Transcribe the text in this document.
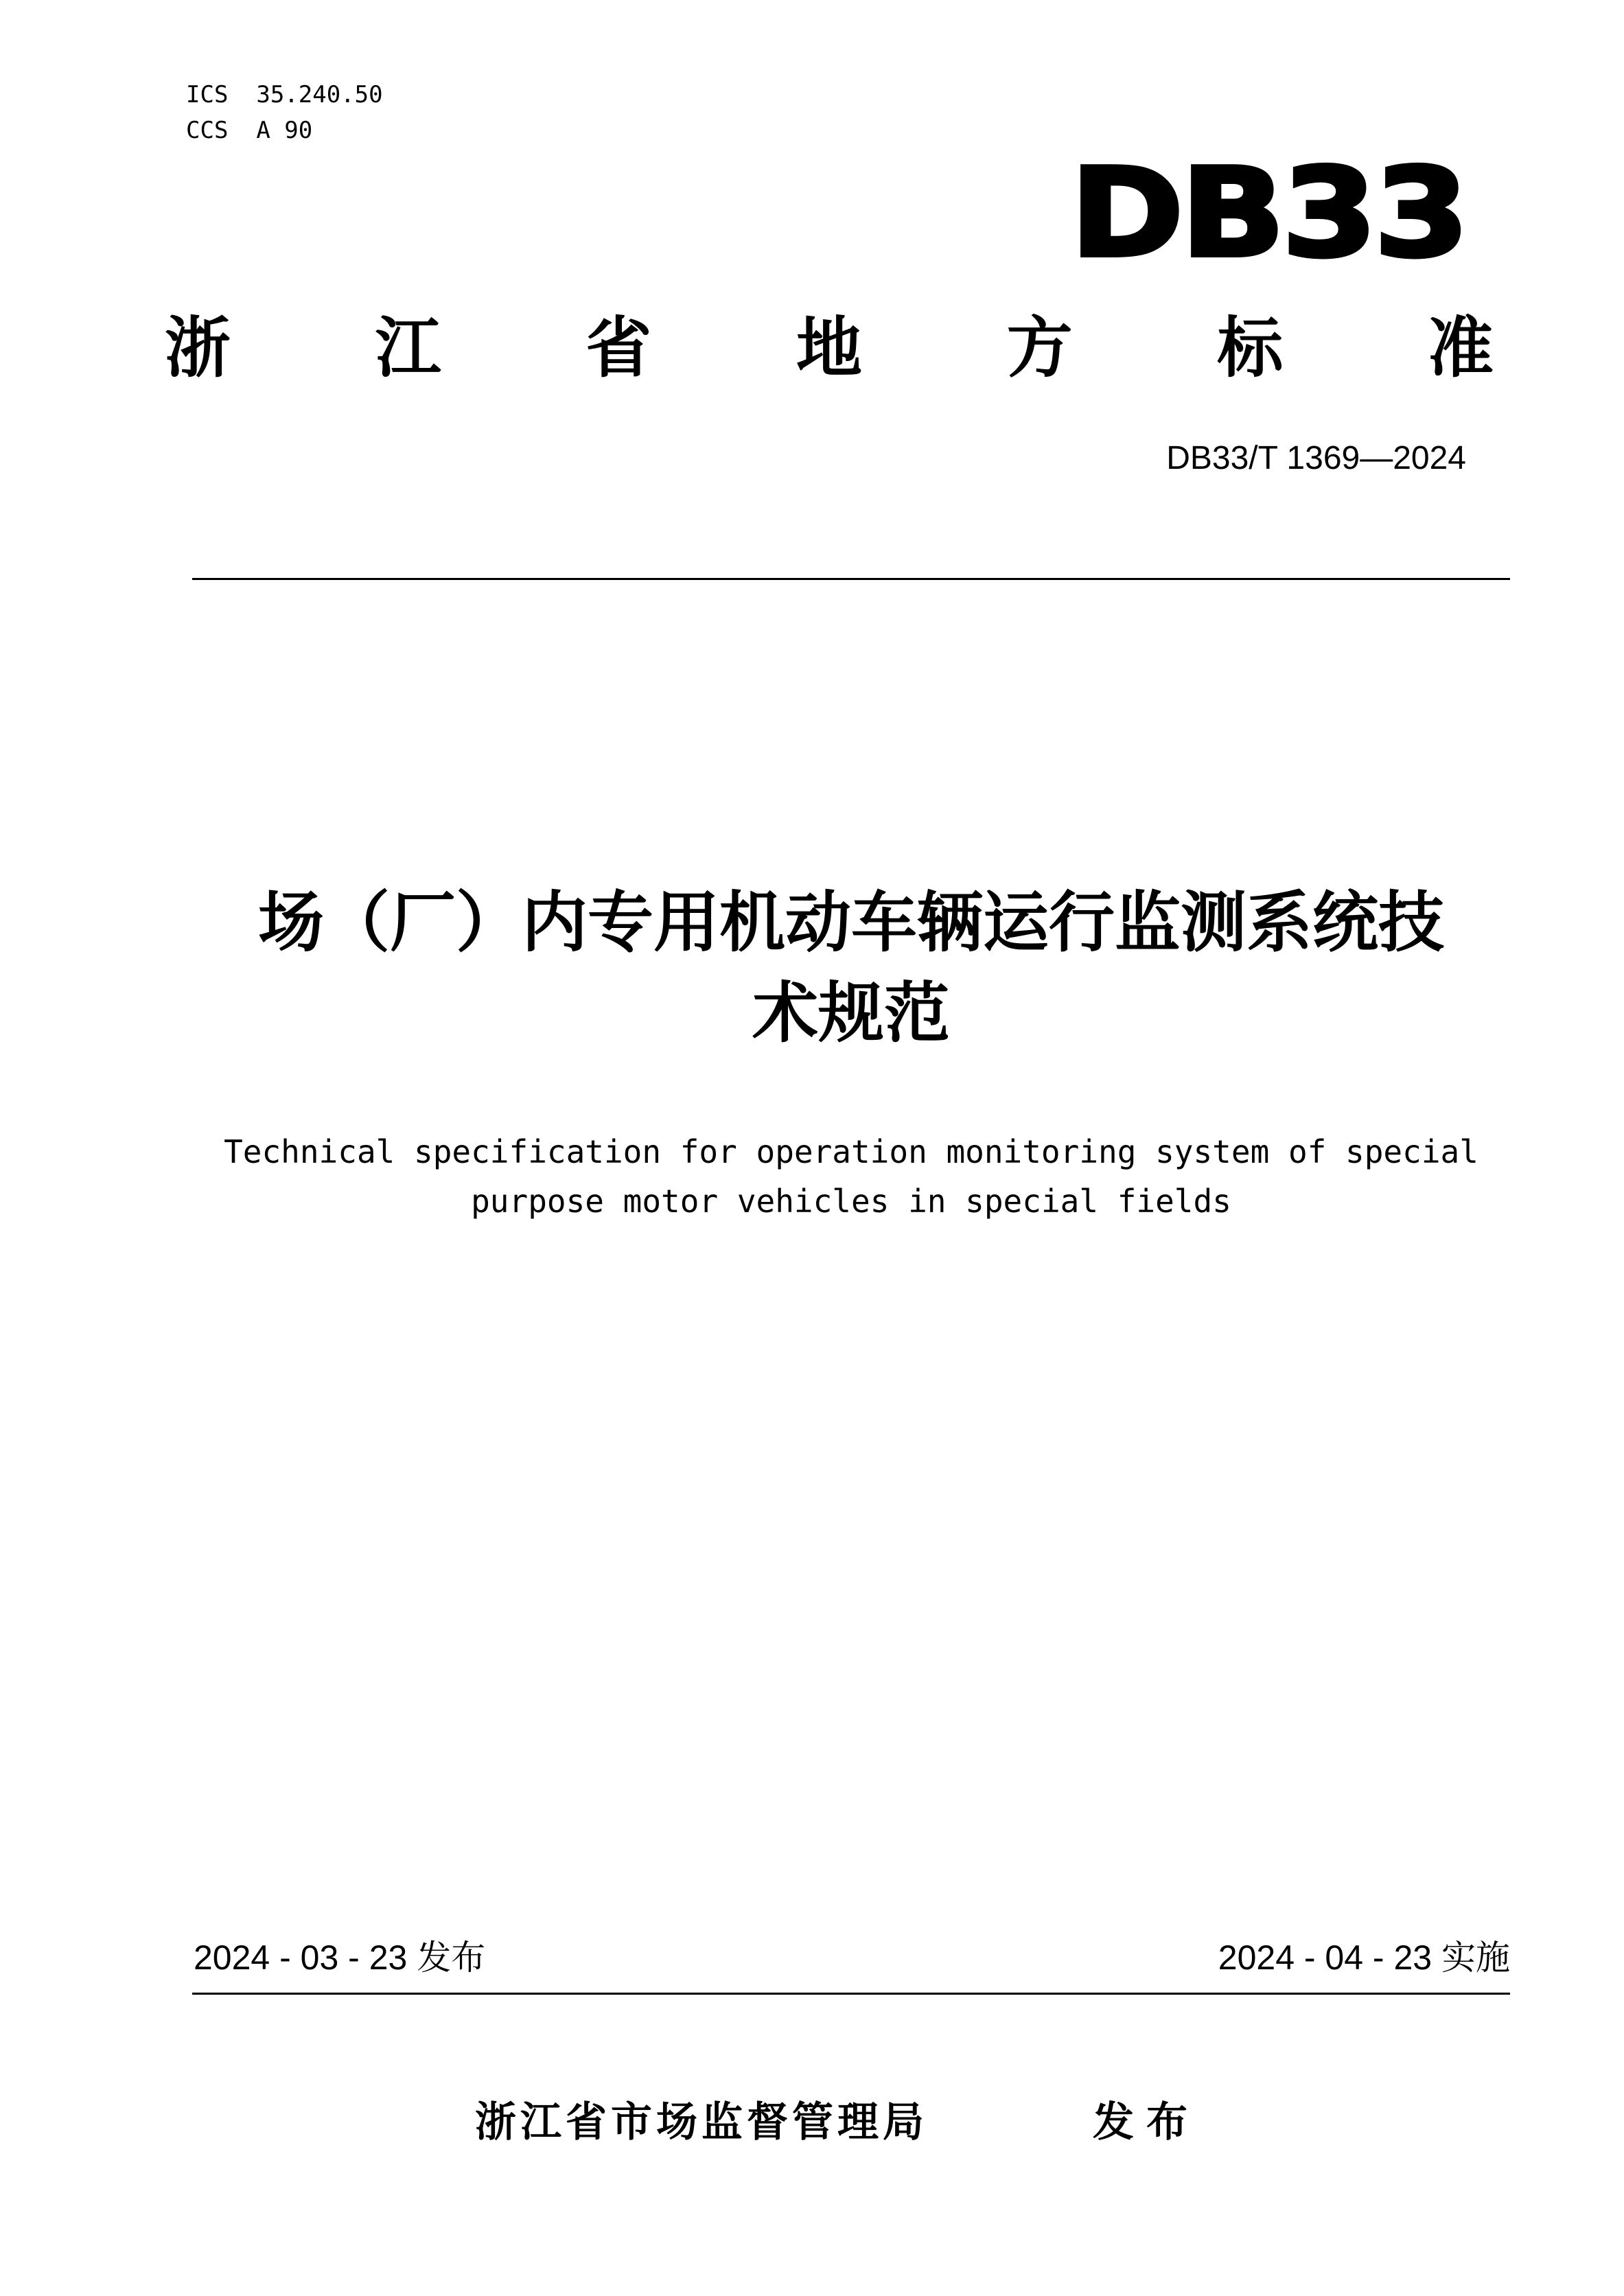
ICS  35.240.50
CCS  A 90
DB33
浙 江 省 地 方 标 准
DB33/T 1369—2024
场（厂）内专用机动车辆运行监测系统技
术规范
Technical specification for operation monitoring system of special
purpose motor vehicles in special fields
2024 - 03 - 23 发布	2024 - 04 - 23 实施
浙江省市场监督管理局	发布
